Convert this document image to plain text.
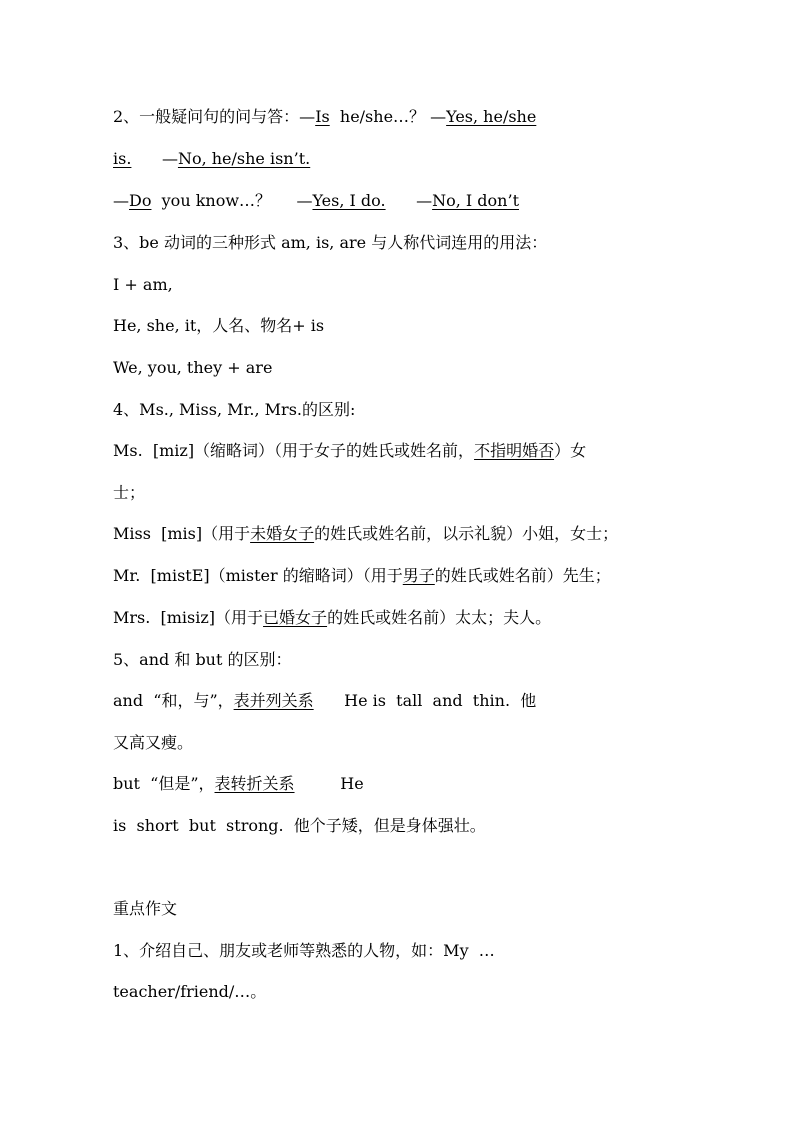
2、一般疑问句的问与答：—Is  he/she…？ —Yes, he/she
is.      —No, he/she isn’t.
—Do  you know…？     —Yes, I do.      —No, I don’t
3、be 动词的三种形式 am, is, are 与人称代词连用的用法：
I + am,
He, she, it，人名、物名+ is
We, you, they + are
4、Ms., Miss, Mr., Mrs.的区别:
Ms.  [miz]（缩略词）（用于女子的姓氏或姓名前，不指明婚否）女
士；
Miss  [mis]（用于未婚女子的姓氏或姓名前，以示礼貌）小姐，女士；
Mr.  [mistE]（mister 的缩略词）（用于男子的姓氏或姓名前）先生；
Mrs.  [misiz]（用于已婚女子的姓氏或姓名前）太太；夫人。
5、and 和 but 的区别：
and  “和，与”，表并列关系      He is  tall  and  thin.  他
又高又瘦。
but  “但是”，表转折关系         He
is  short  but  strong.  他个子矮，但是身体强壮。
重点作文
1、介绍自己、朋友或老师等熟悉的人物，如：My  …
teacher/friend/…。
